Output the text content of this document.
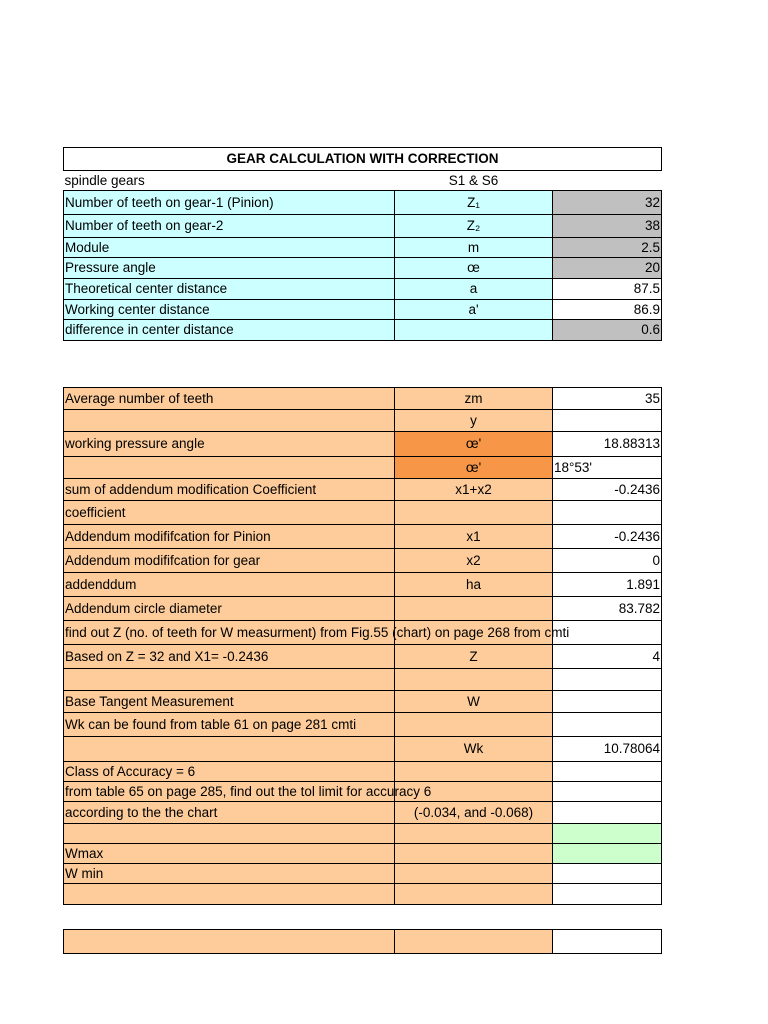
GEAR CALCULATION WITH CORRECTION		
spindle gears	S1 & S6	
Number of teeth on gear-1 (Pinion)	Z₁	32
Number of teeth on gear-2	Z₂	38
Module	m	2.5
Pressure angle	œ	20
Theoretical center distance	a	87.5
Working center distance	a'	86.9
difference in center distance		0.6
Average number of teeth	zm	35
	y	
working pressure angle	œ'	18.88313
	œ'	18°53'
sum of addendum modification Coefficient	x1+x2	-0.2436
coefficient		
Addendum modififcation for Pinion	x1	-0.2436
Addendum modififcation for gear	x2	0
addenddum	ha	1.891
Addendum circle diameter		83.782
find out Z (no. of teeth for W measurment) from Fig.55 (chart) on page 268 from cmti		
Based on Z = 32 and X1= -0.2436	Z	4

Base Tangent Measurement	W	
Wk can be found from table 61 on page 281 cmti		
	Wk	10.78064
Class of Accuracy = 6		
from table 65 on page 285, find out the tol limit for accuracy 6		
according to the the chart	(-0.034, and -0.068)	

Wmax		
W min		
